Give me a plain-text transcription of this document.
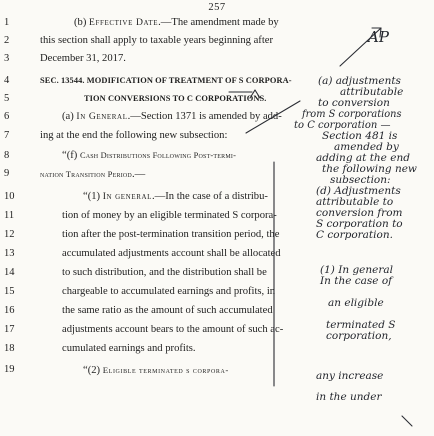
257
1
2
3
4
5
6
7
8
9
10
11
12
13
14
15
16
17
18
19
(b) Effective Date.—The amendment made by
this section shall apply to taxable years beginning after
December 31, 2017.
SEC. 13544. MODIFICATION OF TREATMENT OF S CORPORA-
TION CONVERSIONS TO C CORPORATIONS.
(a) In General.—Section 1371 is amended by add-
ing at the end the following new subsection:
“(f) Cash Distributions Following Post-termi-
nation Transition Period.—
“(1) In general.—In the case of a distribu-
tion of money by an eligible terminated S corpora-
tion after the post-termination transition period, the
accumulated adjustments account shall be allocated
to such distribution, and the distribution shall be
chargeable to accumulated earnings and profits, in
the same ratio as the amount of such accumulated
adjustments account bears to the amount of such ac-
cumulated earnings and profits.
“(2) Eligible terminated s corpora-
AP
(a) adjustments
attributable
to conversion
from S corporations
to C corporation —
Section 481 is
amended by
adding at the end
the following new
subsection:
(d) Adjustments
attributable to
conversion from
S corporation to
C corporation.
(1) In general
In the case of
an eligible
terminated S
corporation,
any increase
in the under
